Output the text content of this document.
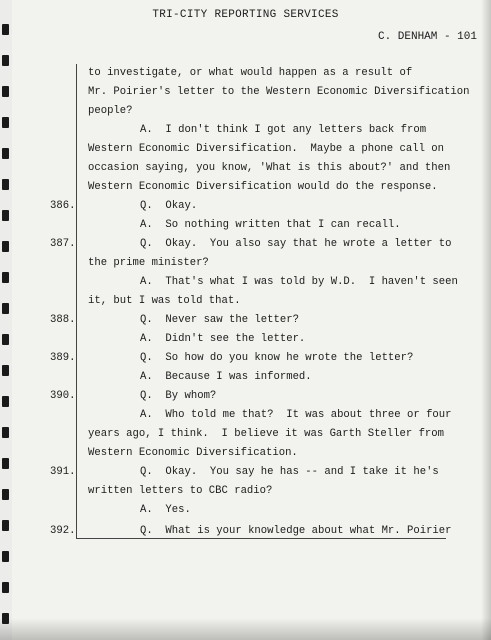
TRI-CITY REPORTING SERVICES
C. DENHAM - 101

to investigate, or what would happen as a result of

Mr. Poirier's letter to the Western Economic Diversification

people?

A.  I don't think I got any letters back from

Western Economic Diversification.  Maybe a phone call on

occasion saying, you know, 'What is this about?' and then

Western Economic Diversification would do the response.

386.

	Q.  Okay.

A.  So nothing written that I can recall.

387.

	Q.  Okay.  You also say that he wrote a letter to

the prime minister?

A.  That's what I was told by W.D.  I haven't seen

it, but I was told that.

388.

	Q.  Never saw the letter?

A.  Didn't see the letter.

389.

	Q.  So how do you know he wrote the letter?

A.  Because I was informed.

390.

	Q.  By whom?

A.  Who told me that?  It was about three or four

years ago, I think.  I believe it was Garth Steller from

Western Economic Diversification.

391.

	Q.  Okay.  You say he has -- and I take it he's

written letters to CBC radio?

A.  Yes.

392.

	Q.  What is your knowledge about what Mr. Poirier
